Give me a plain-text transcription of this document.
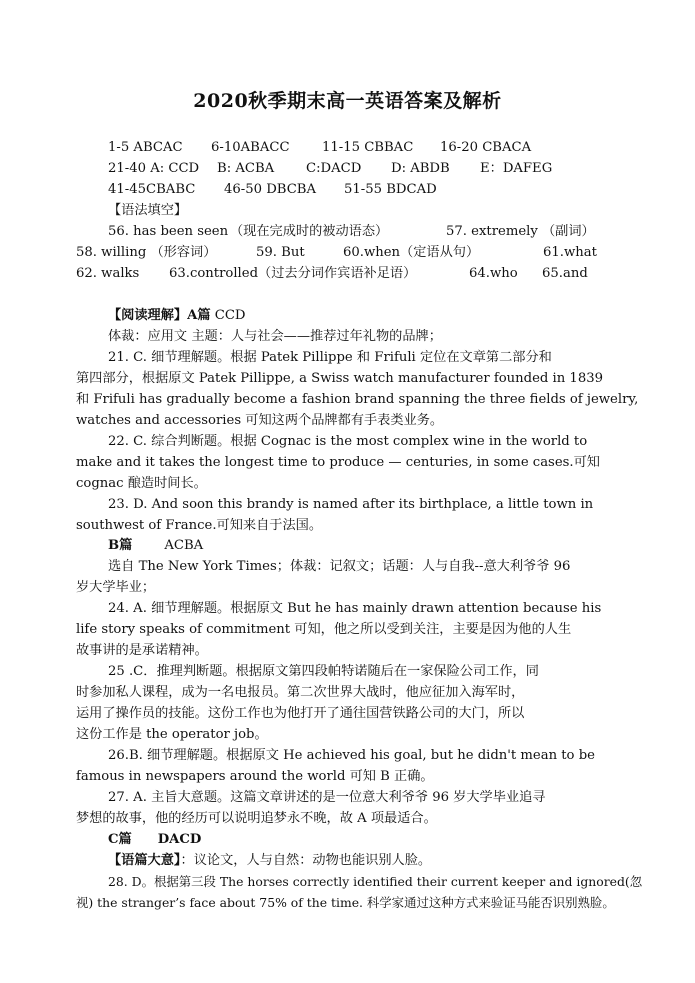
2020秋季期末高一英语答案及解析
1-5 ABCAC 6-10ABACC 11-15 CBBAC 16-20 CBACA
21-40 A: CCD B: ACBA C:DACD D: ABDB E：DAFEG
41-45CBABC 46-50 DBCBA 51-55 BDCAD
【语法填空】
56. has been seen （现在完成时的被动语态）	57. extremely （副词）
58. willing （形容词）	59. But	60.when（定语从句）	61.what
62. walks 63.controlled（过去分词作宾语补足语）	64.who 65.and
【阅读理解】A篇 CCD
体裁：应用文 主题：人与社会——推荐过年礼物的品牌；
21. C. 细节理解题。根据 Patek Pillippe 和 Frifuli 定位在文章第二部分和
第四部分，根据原文 Patek Pillippe, a Swiss watch manufacturer founded in 1839
和 Frifuli has gradually become a fashion brand spanning the three fields of jewelry,
watches and accessories 可知这两个品牌都有手表类业务。
22. C. 综合判断题。根据 Cognac is the most complex wine in the world to
make and it takes the longest time to produce — centuries, in some cases.可知
cognac 酿造时间长。
23. D. And soon this brandy is named after its birthplace, a little town in
southwest of France.可知来自于法国。
B篇 ACBA
选自 The New York Times；体裁：记叙文；话题：人与自我--意大利爷爷 96
岁大学毕业；
24. A. 细节理解题。根据原文 But he has mainly drawn attention because his
life story speaks of commitment 可知，他之所以受到关注，主要是因为他的人生
故事讲的是承诺精神。
25 .C．推理判断题。根据原文第四段帕特诺随后在一家保险公司工作，同
时参加私人课程，成为一名电报员。第二次世界大战时，他应征加入海军时，
运用了操作员的技能。这份工作也为他打开了通往国营铁路公司的大门，所以
这份工作是 the operator job。
26.B. 细节理解题。根据原文 He achieved his goal, but he didn't mean to be
famous in newspapers around the world 可知 B 正确。
27. A. 主旨大意题。这篇文章讲述的是一位意大利爷爷 96 岁大学毕业追寻
梦想的故事，他的经历可以说明追梦永不晚，故 A 项最适合。
C篇 DACD
【语篇大意】：议论文，人与自然：动物也能识别人脸。
28. D。根据第三段 The horses correctly identified their current keeper and ignored(忽
视) the stranger’s face about 75% of the time. 科学家通过这种方式来验证马能否识别熟脸。
